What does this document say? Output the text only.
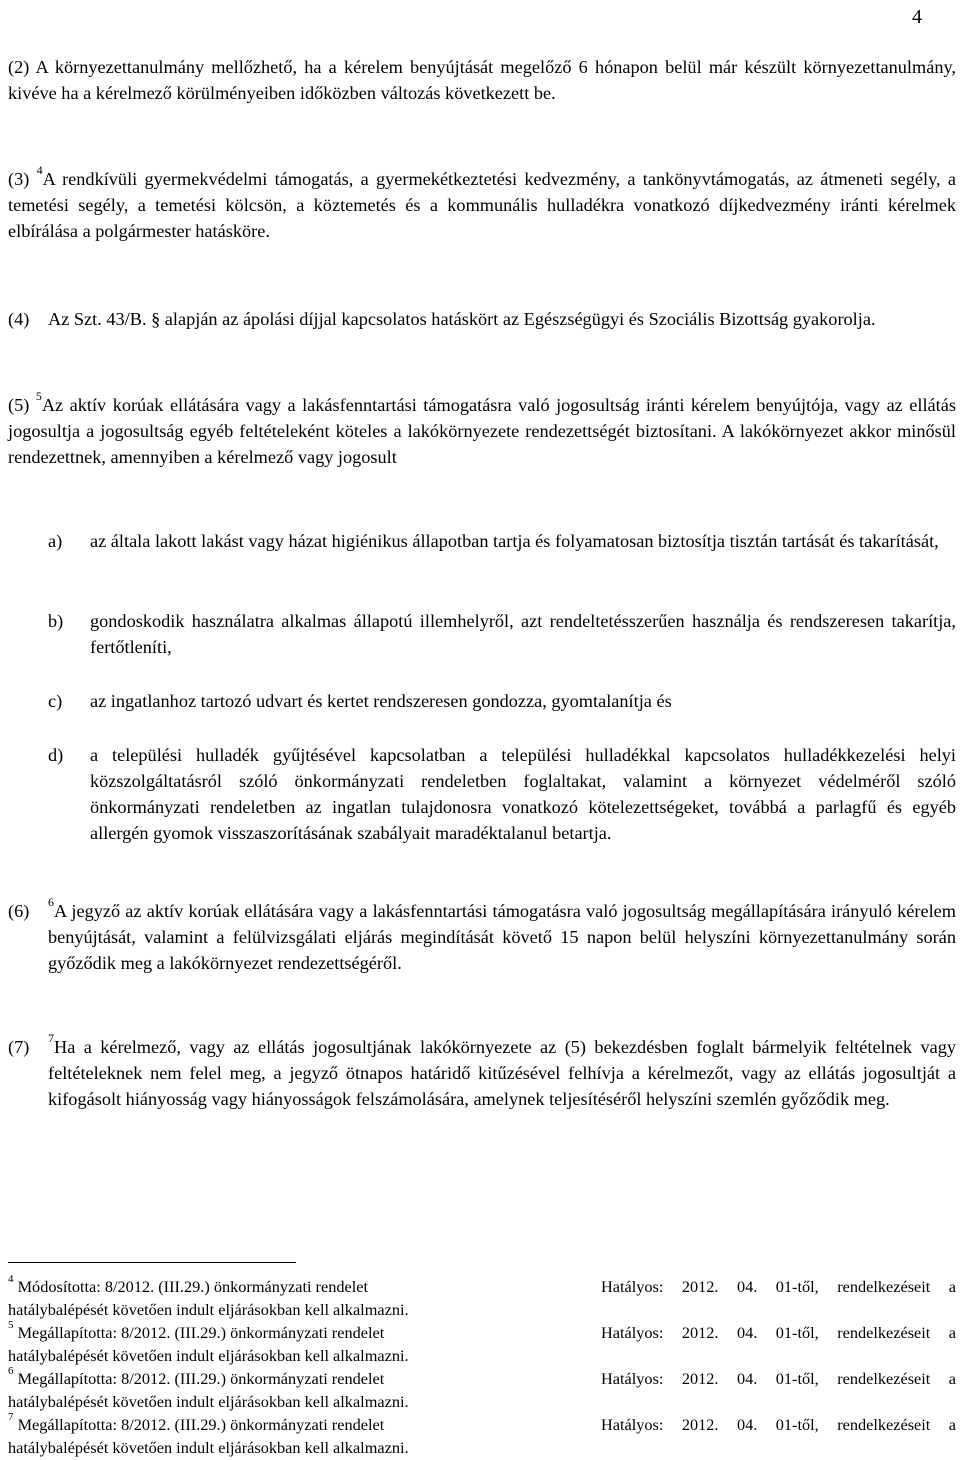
4

(2) A környezettanulmány mellőzhető, ha a kérelem benyújtását megelőző 6 hónapon belül már készült környezettanulmány, kivéve ha a kérelmező körülményeiben időközben változás következett be.

(3) $^4$A rendkívüli gyermekvédelmi támogatás, a gyermekétkeztetési kedvezmény, a tankönyvtámogatás, az átmeneti segély, a temetési segély, a temetési kölcsön, a köztemetés és a kommunális hulladékra vonatkozó díjkedvezmény iránti kérelmek elbírálása a polgármester hatásköre.

(4) Az Szt. 43/B. § alapján az ápolási díjjal kapcsolatos hatáskört az Egészségügyi és Szociális Bizottság gyakorolja.

(5) $^5$Az aktív korúak ellátására vagy a lakásfenntartási támogatásra való jogosultság iránti kérelem benyújtója, vagy az ellátás jogosultja a jogosultság egyéb feltételeként köteles a lakókörnyezete rendezettségét biztosítani. A lakókörnyezet akkor minősül rendezettnek, amennyiben a kérelmező vagy jogosult

a) az általa lakott lakást vagy házat higiénikus állapotban tartja és folyamatosan biztosítja tisztán tartását és takarítását,
b) gondoskodik használatra alkalmas állapotú illemhelyről, azt rendeltetésszerűen használja és rendszeresen takarítja, fertőtleníti,
c) az ingatlanhoz tartozó udvart és kertet rendszeresen gondozza, gyomtalanítja és
d) a települési hulladék gyűjtésével kapcsolatban a települési hulladékkal kapcsolatos hulladékkezelési helyi közszolgáltatásról szóló önkormányzati rendeletben foglaltakat, valamint a környezet védelméről szóló önkormányzati rendeletben az ingatlan tulajdonosra vonatkozó kötelezettségeket, továbbá a parlagfű és egyéb allergén gyomok visszaszorításának szabályait maradéktalanul betartja.
(6) $^6$A jegyző az aktív korúak ellátására vagy a lakásfenntartási támogatásra való jogosultság megállapítására irányuló kérelem benyújtását, valamint a felülvizsgálati eljárás megindítását követő 15 napon belül helyszíni környezettanulmány során győződik meg a lakókörnyezet rendezettségéről.
(7) $^7$Ha a kérelmező, vagy az ellátás jogosultjának lakókörnyezete az (5) bekezdésben foglalt bármelyik feltételnek vagy feltételeknek nem felel meg, a jegyző ötnapos határidő kitűzésével felhívja a kérelmezőt, vagy az ellátás jogosultját a kifogásolt hiányosság vagy hiányosságok felszámolására, amelynek teljesítéséről helyszíni szemlén győződik meg.
$^4$ Módosította: 8/2012. (III.29.) önkormányzati rendelet	Hatályos: 2012. 04. 01-től, rendelkezéseit a
hatálybalépését követően indult eljárásokban kell alkalmazni.
$^5$ Megállapította: 8/2012. (III.29.) önkormányzati rendelet	Hatályos: 2012. 04. 01-től, rendelkezéseit a
hatálybalépését követően indult eljárásokban kell alkalmazni.
$^6$ Megállapította: 8/2012. (III.29.) önkormányzati rendelet	Hatályos: 2012. 04. 01-től, rendelkezéseit a
hatálybalépését követően indult eljárásokban kell alkalmazni.
$^7$ Megállapította: 8/2012. (III.29.) önkormányzati rendelet	Hatályos: 2012. 04. 01-től, rendelkezéseit a
hatálybalépését követően indult eljárásokban kell alkalmazni.
